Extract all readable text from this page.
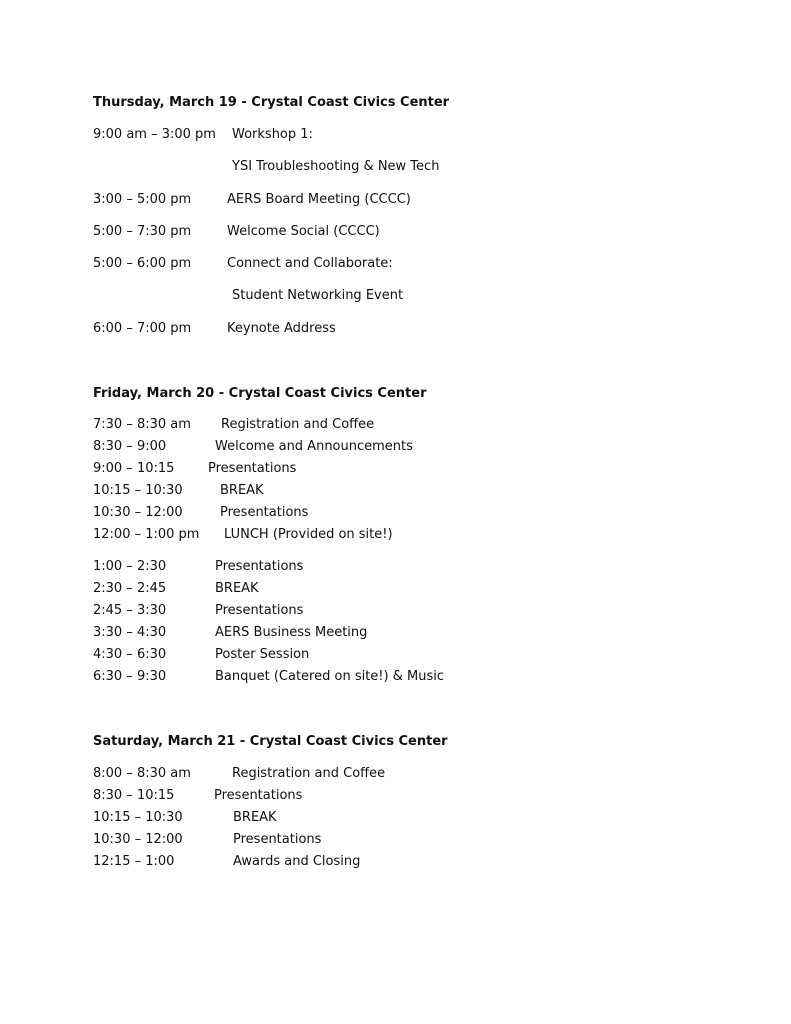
Thursday, March 19 - Crystal Coast Civics Center
9:00 am – 3:00 pm Workshop 1:
YSI Troubleshooting & New Tech
3:00 – 5:00 pm	AERS Board Meeting (CCCC)
5:00 – 7:30 pm	Welcome Social (CCCC)
5:00 – 6:00 pm	Connect and Collaborate:
Student Networking Event
6:00 – 7:00 pm	Keynote Address
Friday, March 20 - Crystal Coast Civics Center
7:30 – 8:30 am Registration and Coffee
8:30 – 9:00	Welcome and Announcements
9:00 – 10:15	Presentations
10:15 – 10:30	BREAK
10:30 – 12:00	Presentations
12:00 – 1:00 pm LUNCH (Provided on site!)
1:00 – 2:30	Presentations
2:30 – 2:45	BREAK
2:45 – 3:30	Presentations
3:30 – 4:30	AERS Business Meeting
4:30 – 6:30	Poster Session
6:30 – 9:30	Banquet (Catered on site!) & Music
Saturday, March 21 - Crystal Coast Civics Center
8:00 – 8:30 am	Registration and Coffee
8:30 – 10:15	Presentations
10:15 – 10:30	BREAK
10:30 – 12:00	Presentations
12:15 – 1:00	Awards and Closing
